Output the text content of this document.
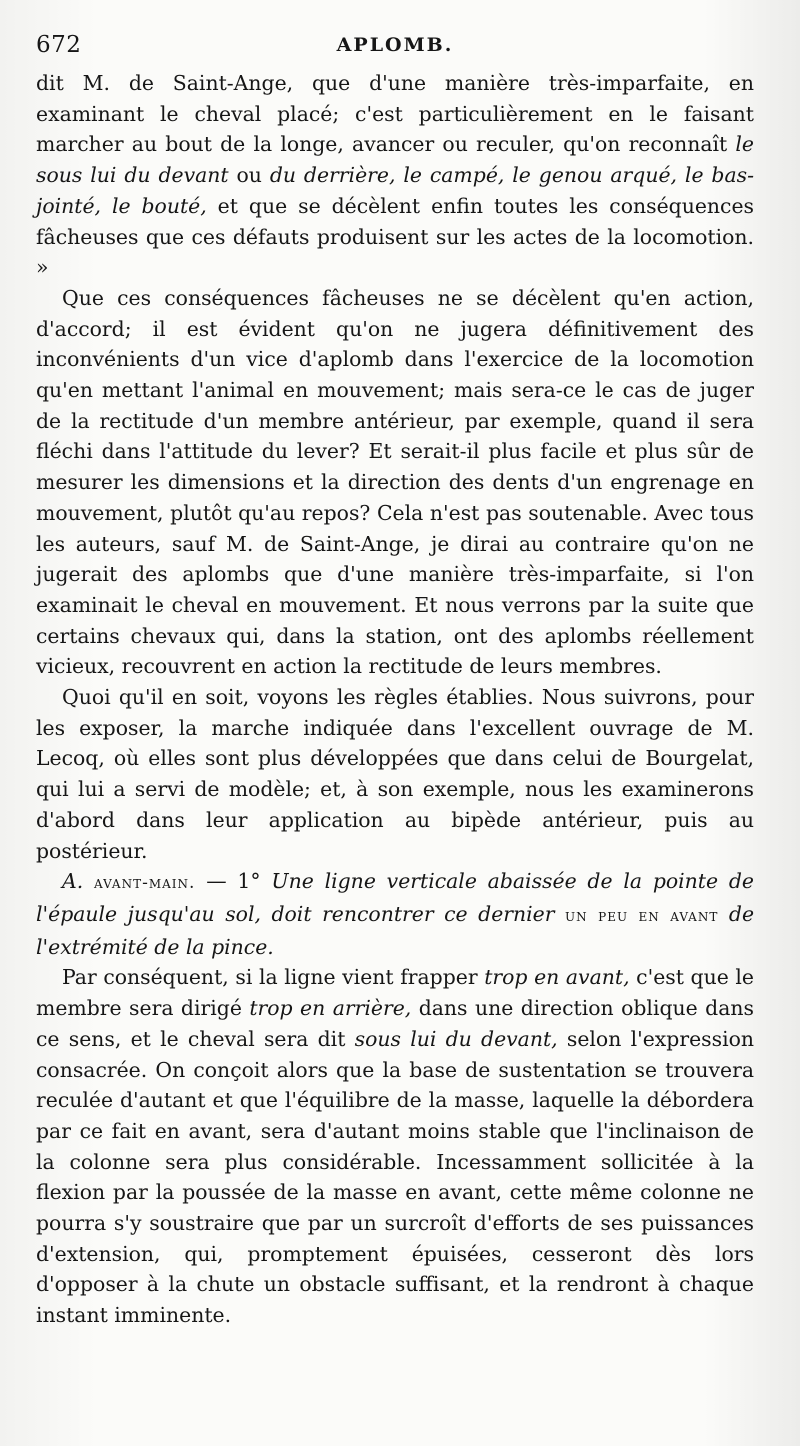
672	APLOMB.

dit M. de Saint-Ange, que d'une manière très-imparfaite, en examinant le cheval placé; c'est particulièrement en le faisant marcher au bout de la longe, avancer ou reculer, qu'on reconnaît le sous lui du devant ou du derrière, le campé, le genou arqué, le bas-jointé, le bouté, et que se décèlent enfin toutes les conséquences fâcheuses que ces défauts produisent sur les actes de la locomotion. »

Que ces conséquences fâcheuses ne se décèlent qu'en action, d'accord; il est évident qu'on ne jugera définitivement des inconvénients d'un vice d'aplomb dans l'exercice de la locomotion qu'en mettant l'animal en mouvement; mais sera-ce le cas de juger de la rectitude d'un membre antérieur, par exemple, quand il sera fléchi dans l'attitude du lever? Et serait-il plus facile et plus sûr de mesurer les dimensions et la direction des dents d'un engrenage en mouvement, plutôt qu'au repos? Cela n'est pas soutenable. Avec tous les auteurs, sauf M. de Saint-Ange, je dirai au contraire qu'on ne jugerait des aplombs que d'une manière très-imparfaite, si l'on examinait le cheval en mouvement. Et nous verrons par la suite que certains chevaux qui, dans la station, ont des aplombs réellement vicieux, recouvrent en action la rectitude de leurs membres.

Quoi qu'il en soit, voyons les règles établies. Nous suivrons, pour les exposer, la marche indiquée dans l'excellent ouvrage de M. Lecoq, où elles sont plus développées que dans celui de Bourgelat, qui lui a servi de modèle; et, à son exemple, nous les examinerons d'abord dans leur application au bipède antérieur, puis au postérieur.

A. avant-main. — 1° Une ligne verticale abaissée de la pointe de l'épaule jusqu'au sol, doit rencontrer ce dernier un peu en avant de l'extrémité de la pince.

Par conséquent, si la ligne vient frapper trop en avant, c'est que le membre sera dirigé trop en arrière, dans une direction oblique dans ce sens, et le cheval sera dit sous lui du devant, selon l'expression consacrée. On conçoit alors que la base de sustentation se trouvera reculée d'autant et que l'équilibre de la masse, laquelle la débordera par ce fait en avant, sera d'autant moins stable que l'inclinaison de la colonne sera plus considérable. Incessamment sollicitée à la flexion par la poussée de la masse en avant, cette même colonne ne pourra s'y soustraire que par un surcroît d'efforts de ses puissances d'extension, qui, promptement épuisées, cesseront dès lors d'opposer à la chute un obstacle suffisant, et la rendront à chaque instant imminente.
